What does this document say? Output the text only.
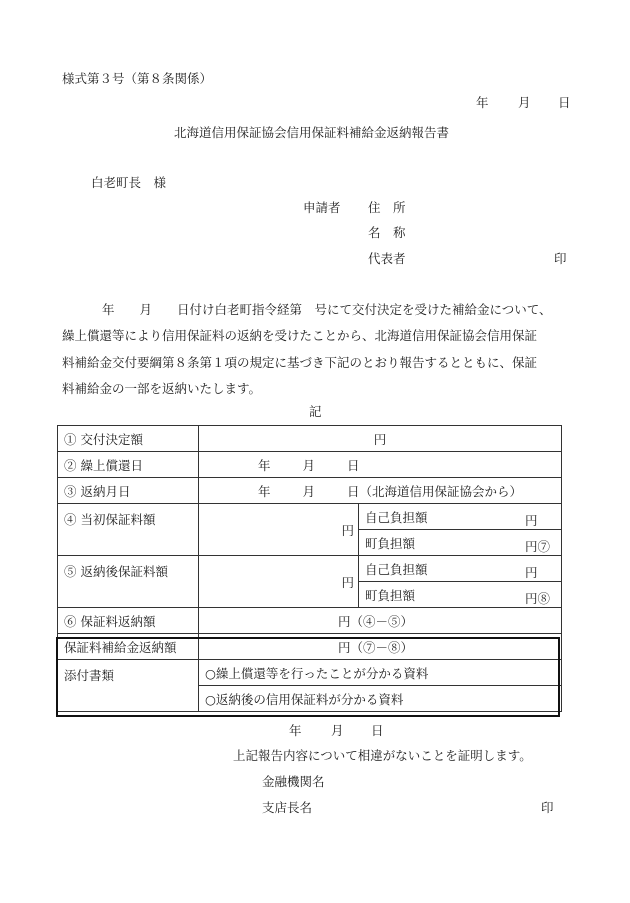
様式第３号（第８条関係）
年 月 日
北海道信用保証協会信用保証料補給金返納報告書
白老町長　様
申請者 住　所
名　称
代表者	印
年　　月　　日付け白老町指令経第　号にて交付決定を受けた補給金について、
繰上償還等により信用保証料の返納を受けたことから、北海道信用保証協会信用保証
料補給金交付要綱第８条第１項の規定に基づき下記のとおり報告するとともに、保証
料補給金の一部を返納いたします。
記
① 交付決定額	円	
② 繰上償還日	年 月 日	
③ 返納月日	年 月 日（北海道信用保証協会から）	
④ 当初保証料額	円	自己負担額 円

		町負担額 円⑦

⑤ 返納後保証料額	円	自己負担額 円

		町負担額 円⑧

⑥ 保証料返納額	円（④－⑤）	
保証料補給金返納額	円（⑦－⑧）	
添付書類	○繰上償還等を行ったことが分かる資料	
	○返納後の信用保証料が分かる資料	
年 月 日
上記報告内容について相違がないことを証明します。
金融機関名
支店長名	印
